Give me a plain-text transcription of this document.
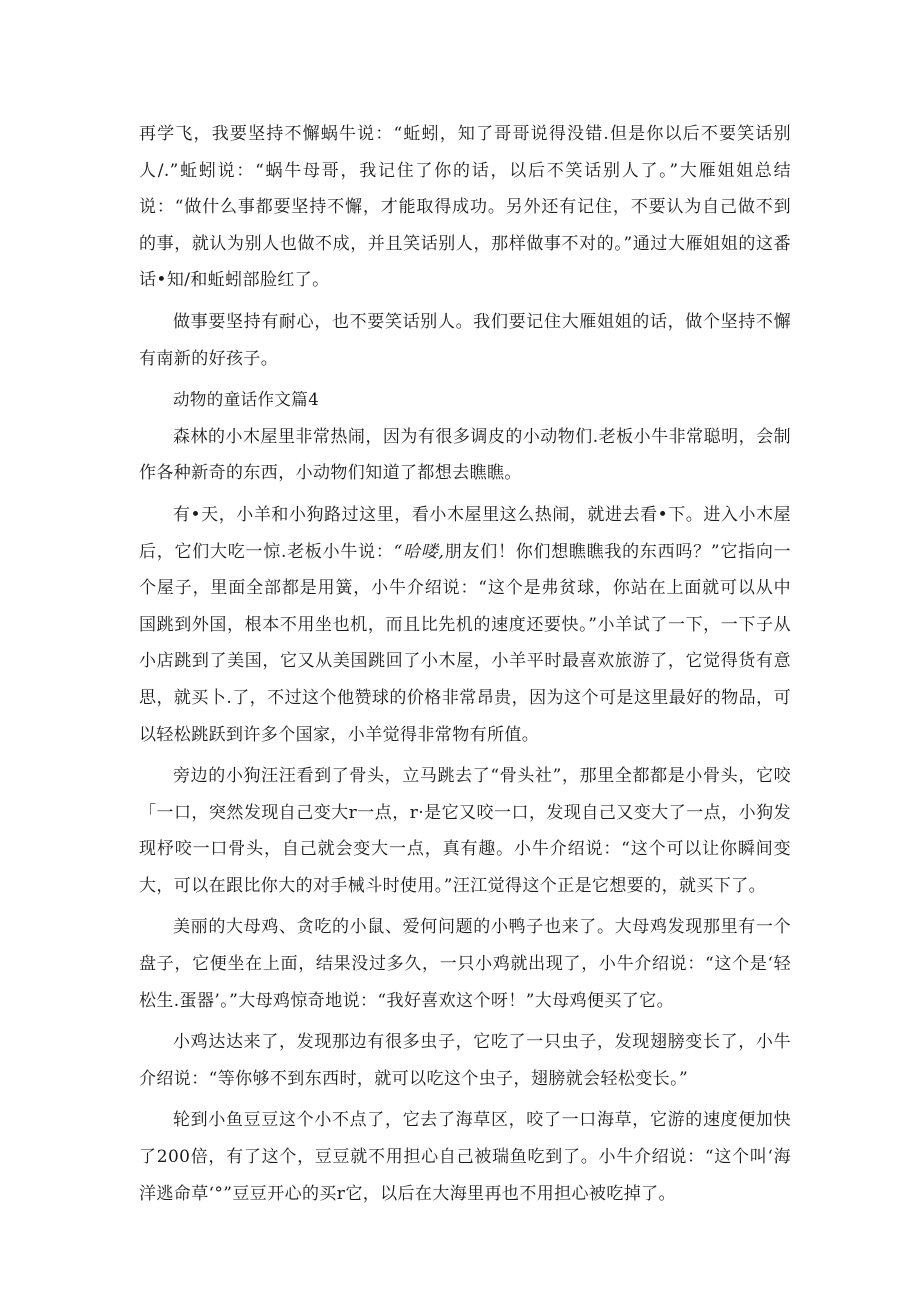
再学飞，我要坚持不懈蜗牛说：“蚯蚓，知了哥哥说得没错.但是你以后不要笑话别人/.”蚯蚓说：“蜗牛母哥，我记住了你的话，以后不笑话别人了。”大雁姐姐总结说：“做什么事都要坚持不懈，才能取得成功。另外还有记住，不要认为自己做不到的事，就认为别人也做不成，并且笑话别人，那样做事不对的。”通过大雁姐姐的这番话•知/和蚯蚓部脸红了。

做事要坚持有耐心，也不要笑话别人。我们要记住大雁姐姐的话，做个坚持不懈有南新的好孩子。

动物的童话作文篇4

森林的小木屋里非常热闹，因为有很多调皮的小动物们.老板小牛非常聪明，会制作各种新奇的东西，小动物们知道了都想去瞧瞧。

有•天，小羊和小狗路过这里，看小木屋里这么热闹，就进去看•下。进入小木屋后，它们大吃一惊.老板小牛说：“哈喽,朋友们！你们想瞧瞧我的东西吗？”它指向一个屋子，里面全部都是用簧，小牛介绍说：“这个是弗贫球，你站在上面就可以从中国跳到外国，根本不用坐也机，而且比先机的速度还要快。”小羊试了一下，一下子从小店跳到了美国，它又从美国跳回了小木屋，小羊平时最喜欢旅游了，它觉得货有意思，就买卜.了，不过这个他赞球的价格非常昂贵，因为这个可是这里最好的物品，可以轻松跳跃到许多个国家，小羊觉得非常物有所值。

旁边的小狗汪汪看到了骨头，立马跳去了“骨头社”，那里全都都是小骨头，它咬「一口，突然发现自己变大r一点，r·是它又咬一口，发现自己又变大了一点，小狗发现杼咬一口骨头，自己就会变大一点，真有趣。小牛介绍说：“这个可以让你瞬间变大，可以在跟比你大的对手械斗时使用。”汪江觉得这个正是它想要的，就买下了。

美丽的大母鸡、贪吃的小鼠、爱何问题的小鸭子也来了。大母鸡发现那里有一个盘子，它便坐在上面，结果没过多久，一只小鸡就出现了，小牛介绍说：“这个是‘轻松生.蛋器’。”大母鸡惊奇地说：“我好喜欢这个呀！”大母鸡便买了它。

小鸡达达来了，发现那边有很多虫子，它吃了一只虫子，发现翅膀变长了，小牛介绍说：“等你够不到东西时，就可以吃这个虫子，翅膀就会轻松变长。”

轮到小鱼豆豆这个小不点了，它去了海草区，咬了一口海草，它游的速度便加快了200倍，有了这个，豆豆就不用担心自己被瑞鱼吃到了。小牛介绍说：“这个叫‘海洋逃命草‘°”豆豆开心的买r它，以后在大海里再也不用担心被吃掉了。
